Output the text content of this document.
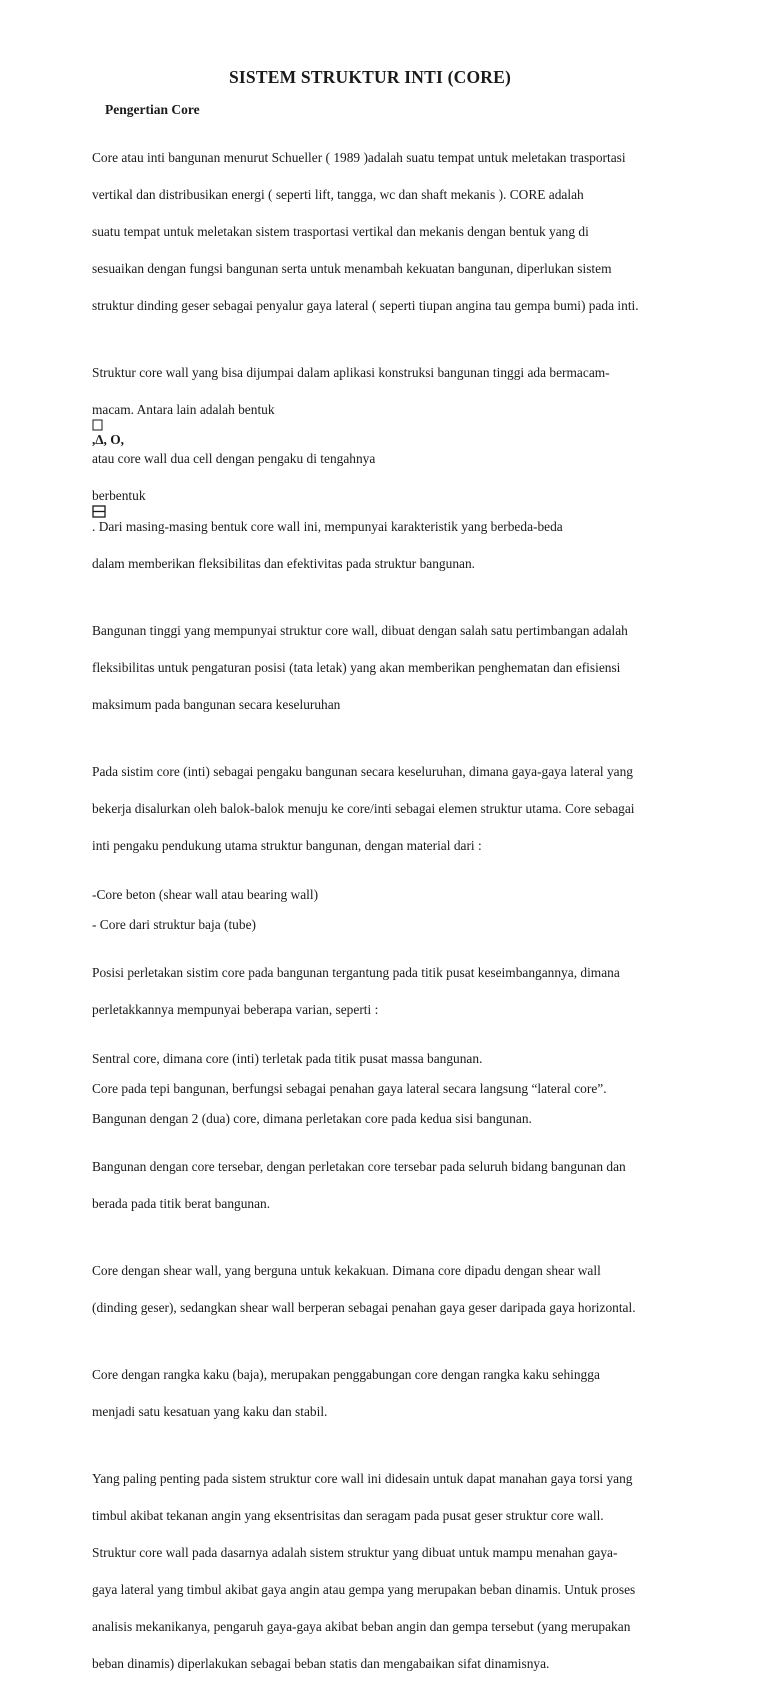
SISTEM STRUKTUR INTI (CORE)
Pengertian Core

Core atau inti bangunan menurut Schueller ( 1989 )adalah suatu tempat untuk meletakan trasportasi

vertikal dan distribusikan energi ( seperti lift, tangga, wc dan shaft mekanis ). CORE adalah

suatu tempat untuk meletakan sistem trasportasi vertikal dan mekanis dengan bentuk yang di

sesuaikan dengan fungsi bangunan serta untuk menambah kekuatan bangunan, diperlukan sistem

struktur dinding geser sebagai penyalur gaya lateral ( seperti tiupan angina tau gempa bumi) pada inti.

Struktur core wall yang bisa dijumpai dalam aplikasi konstruksi bangunan tinggi ada bermacam-

macam. Antara lain adalah bentuk
,∆, O,
atau core wall dua cell dengan pengaku di tengahnya

berbentuk
. Dari masing-masing bentuk core wall ini, mempunyai karakteristik yang berbeda-beda

dalam memberikan fleksibilitas dan efektivitas pada struktur bangunan.

Bangunan tinggi yang mempunyai struktur core wall, dibuat dengan salah satu pertimbangan adalah

fleksibilitas untuk pengaturan posisi (tata letak) yang akan memberikan penghematan dan efisiensi

maksimum pada bangunan secara keseluruhan

Pada sistim core (inti) sebagai pengaku bangunan secara keseluruhan, dimana gaya-gaya lateral yang

bekerja disalurkan oleh balok-balok menuju ke core/inti sebagai elemen struktur utama. Core sebagai

inti pengaku pendukung utama struktur bangunan, dengan material dari :

-Core beton (shear wall atau bearing wall)

- Core dari struktur baja (tube)

Posisi perletakan sistim core pada bangunan tergantung pada titik pusat keseimbangannya, dimana

perletakkannya mempunyai beberapa varian, seperti :

Sentral core, dimana core (inti) terletak pada titik pusat massa bangunan.

Core pada tepi bangunan, berfungsi sebagai penahan gaya lateral secara langsung “lateral core”.

Bangunan dengan 2 (dua) core, dimana perletakan core pada kedua sisi bangunan.

Bangunan dengan core tersebar, dengan perletakan core tersebar pada seluruh bidang bangunan dan

berada pada titik berat bangunan.

Core dengan shear wall, yang berguna untuk kekakuan. Dimana core dipadu dengan shear wall

(dinding geser), sedangkan shear wall berperan sebagai penahan gaya geser daripada gaya horizontal.

Core dengan rangka kaku (baja), merupakan penggabungan core dengan rangka kaku sehingga

menjadi satu kesatuan yang kaku dan stabil.

Yang paling penting pada sistem struktur core wall ini didesain untuk dapat manahan gaya torsi yang

timbul akibat tekanan angin yang eksentrisitas dan seragam pada pusat geser struktur core wall.

Struktur core wall pada dasarnya adalah sistem struktur yang dibuat untuk mampu menahan gaya-

gaya lateral yang timbul akibat gaya angin atau gempa yang merupakan beban dinamis. Untuk proses

analisis mekanikanya, pengaruh gaya-gaya akibat beban angin dan gempa tersebut (yang merupakan

beban dinamis) diperlakukan sebagai beban statis dan mengabaikan sifat dinamisnya.
